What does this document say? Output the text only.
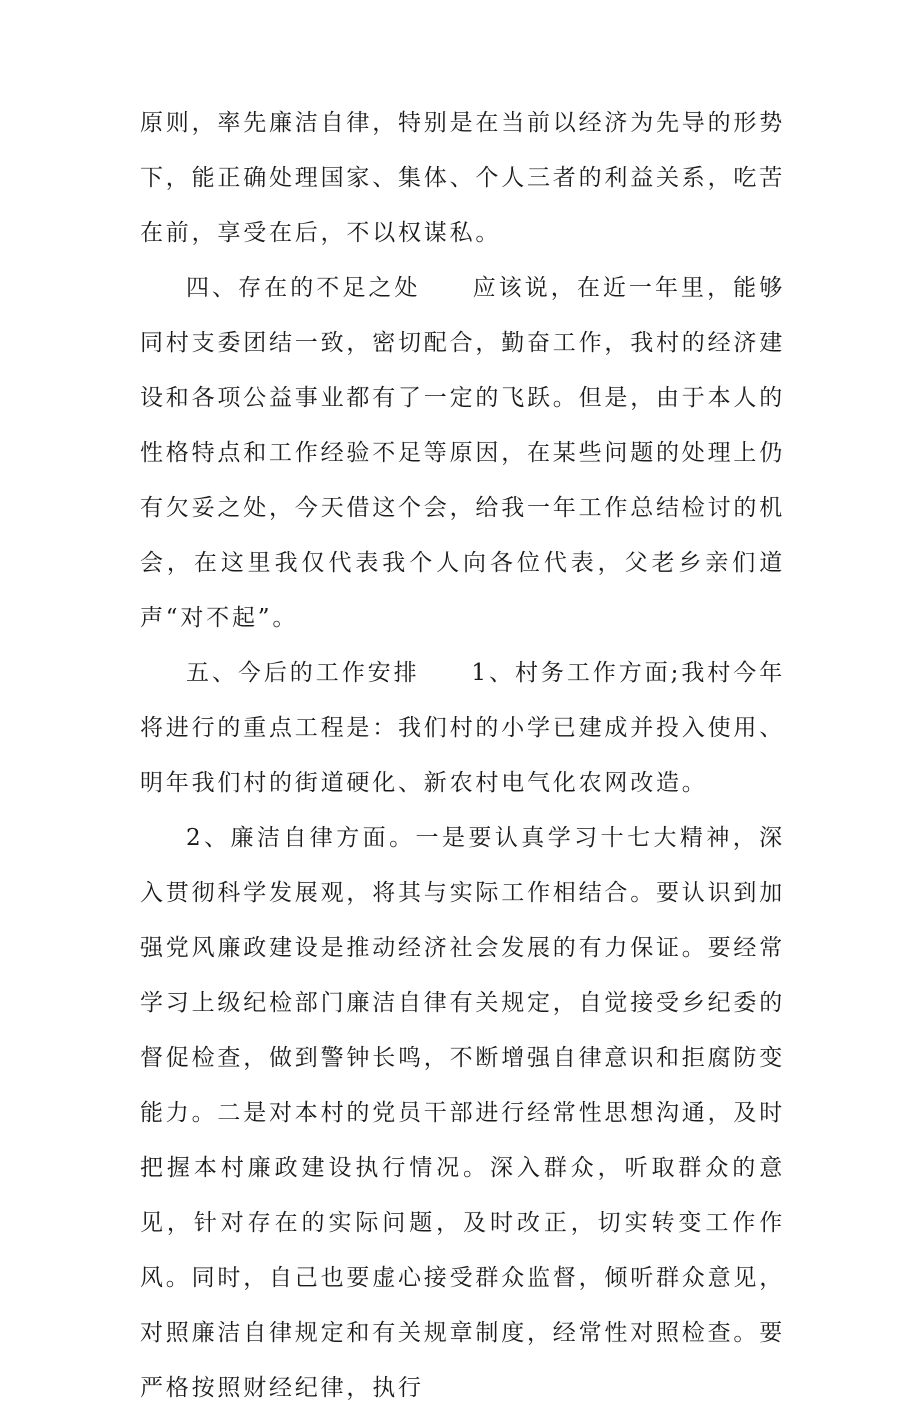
原则，率先廉洁自律，特别是在当前以经济为先导的形势下，能正确处理国家、集体、个人三者的利益关系，吃苦在前，享受在后，不以权谋私。

四、存在的不足之处　　应该说，在近一年里，能够同村支委团结一致，密切配合，勤奋工作，我村的经济建设和各项公益事业都有了一定的飞跃。但是，由于本人的性格特点和工作经验不足等原因，在某些问题的处理上仍有欠妥之处，今天借这个会，给我一年工作总结检讨的机会，在这里我仅代表我个人向各位代表，父老乡亲们道声“对不起”。

五、今后的工作安排　　1、村务工作方面;我村今年将进行的重点工程是：我们村的小学已建成并投入使用、明年我们村的街道硬化、新农村电气化农网改造。

2、廉洁自律方面。一是要认真学习十七大精神，深入贯彻科学发展观，将其与实际工作相结合。要认识到加强党风廉政建设是推动经济社会发展的有力保证。要经常学习上级纪检部门廉洁自律有关规定，自觉接受乡纪委的督促检查，做到警钟长鸣，不断增强自律意识和拒腐防变能力。二是对本村的党员干部进行经常性思想沟通，及时把握本村廉政建设执行情况。深入群众，听取群众的意见，针对存在的实际问题，及时改正，切实转变工作作风。同时，自己也要虚心接受群众监督，倾听群众意见，对照廉洁自律规定和有关规章制度，经常性对照检查。要严格按照财经纪律，执行
